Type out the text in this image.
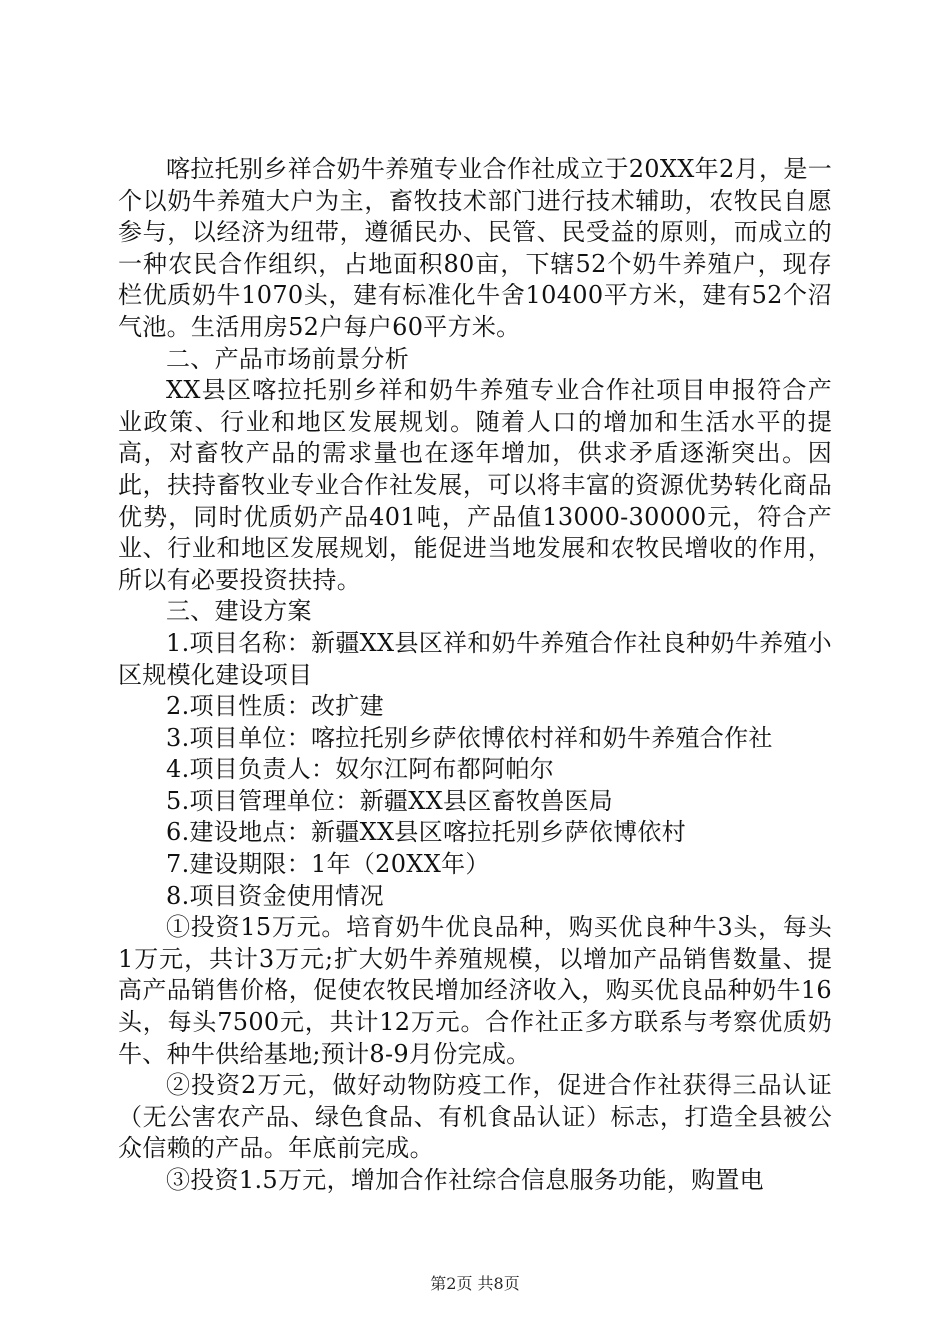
喀拉托别乡祥合奶牛养殖专业合作社成立于20XX年2月，是一个以奶牛养殖大户为主，畜牧技术部门进行技术辅助，农牧民自愿参与，以经济为纽带，遵循民办、民管、民受益的原则，而成立的一种农民合作组织，占地面积80亩，下辖52个奶牛养殖户，现存栏优质奶牛1070头，建有标准化牛舍10400平方米，建有52个沼气池。生活用房52户每户60平方米。

二、产品市场前景分析

XX县区喀拉托别乡祥和奶牛养殖专业合作社项目申报符合产业政策、行业和地区发展规划。随着人口的增加和生活水平的提高，对畜牧产品的需求量也在逐年增加，供求矛盾逐渐突出。因此，扶持畜牧业专业合作社发展，可以将丰富的资源优势转化商品优势，同时优质奶产品401吨，产品值13000-30000元，符合产业、行业和地区发展规划，能促进当地发展和农牧民增收的作用，所以有必要投资扶持。

三、建设方案

1.项目名称：新疆XX县区祥和奶牛养殖合作社良种奶牛养殖小区规模化建设项目

2.项目性质：改扩建

3.项目单位：喀拉托别乡萨依博依村祥和奶牛养殖合作社

4.项目负责人：奴尔江阿布都阿帕尔

5.项目管理单位：新疆XX县区畜牧兽医局

6.建设地点：新疆XX县区喀拉托别乡萨依博依村

7.建设期限：1年（20XX年）

8.项目资金使用情况

①投资15万元。培育奶牛优良品种，购买优良种牛3头，每头1万元，共计3万元;扩大奶牛养殖规模，以增加产品销售数量、提高产品销售价格，促使农牧民增加经济收入，购买优良品种奶牛16头，每头7500元，共计12万元。合作社正多方联系与考察优质奶牛、种牛供给基地;预计8-9月份完成。

②投资2万元，做好动物防疫工作，促进合作社获得三品认证（无公害农产品、绿色食品、有机食品认证）标志，打造全县被公众信赖的产品。年底前完成。

③投资1.5万元，增加合作社综合信息服务功能，购置电

第2页 共8页
